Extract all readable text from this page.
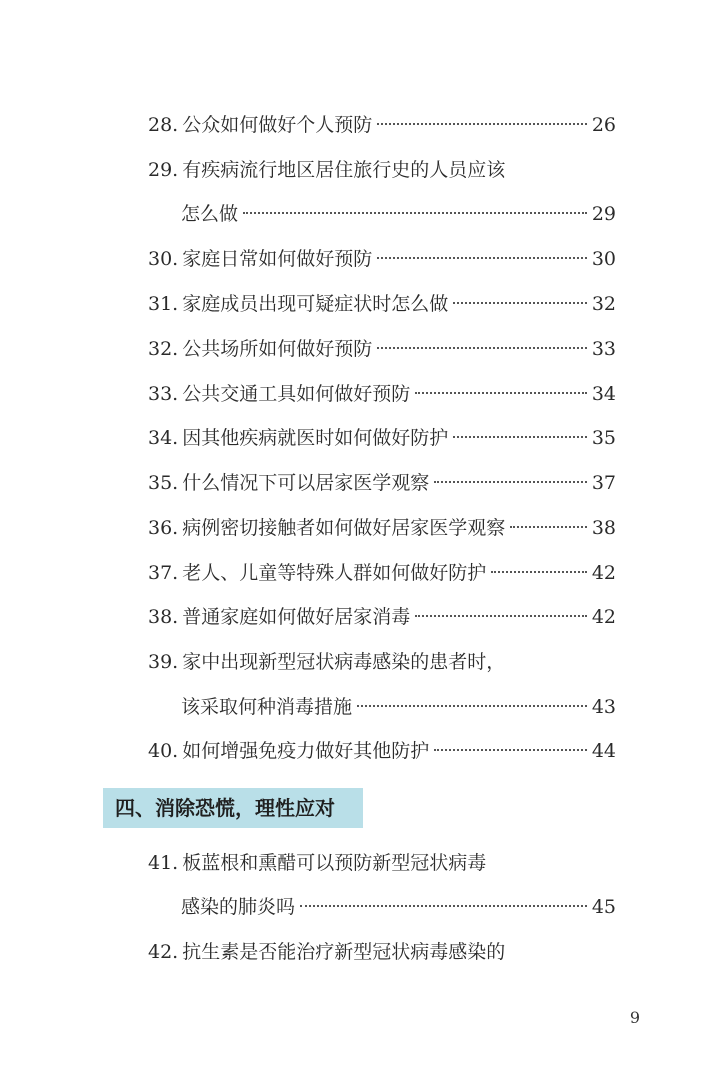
28. 公众如何做好个人预防	26
29. 有疾病流行地区居住旅行史的人员应该
怎么做	29
30. 家庭日常如何做好预防	30
31. 家庭成员出现可疑症状时怎么做	32
32. 公共场所如何做好预防	33
33. 公共交通工具如何做好预防	34
34. 因其他疾病就医时如何做好防护	35
35. 什么情况下可以居家医学观察	37
36. 病例密切接触者如何做好居家医学观察	38
37. 老人、儿童等特殊人群如何做好防护	42
38. 普通家庭如何做好居家消毒	42
39. 家中出现新型冠状病毒感染的患者时，
该采取何种消毒措施	43
40. 如何增强免疫力做好其他防护	44
四、消除恐慌，理性应对
41. 板蓝根和熏醋可以预防新型冠状病毒
感染的肺炎吗	45
42. 抗生素是否能治疗新型冠状病毒感染的
9
